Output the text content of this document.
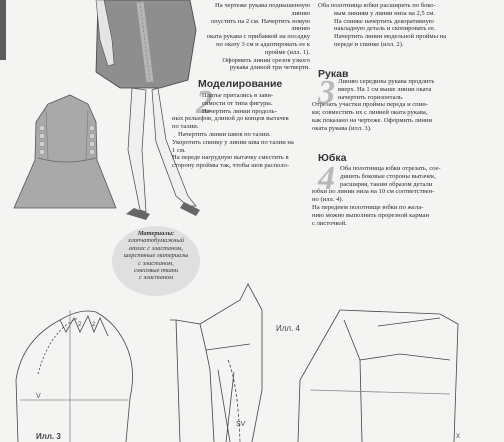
На чертеже рукава подиышенную линию
опустить на 2 см. Начертить новую линию
оката рукава с прибавкой на посадку
по окату 3 см и адаптировать ее к
пройме (илл. 1).
Оформить линии срезов узкого
рукава длиной три четверти.
Моделирование
2
Платье притались в зави-
симости от типа фигуры.
Начертить линии продоль-
ных рельефов, длиной до концов вытачек
по талии.
Начертить линии швов по талии.
Укоротить спинку у линии шва по талии на
1 см.
На переде нагрудную вытачку сместить в
сторону проймы так, чтобы шов располо-
Оба полотнища юбки расширить по боко-
вым линиям у линии низа на 2,5 см.
На спинке начертить декоративную
накладную деталь и скопировать ее.
Начертить линии модельной проймы на
переде и спинке (илл. 2).
Рукав
3 Линию середины рукава продлить
вверх. На 1 см выше линии оката
начертить горизонталь.
Отрезать участки проймы переда и спин-
ки; совместить их с линией оката рукава,
как показано на чертеже. Оформить линии
оката рукава (илл. 3).
Юбка
4 Оба полотнища юбки отрезать, сое-
динить боковые стороны вытачек,
расширяя, таким образом детали
юбки по линии низа на 10 см соответствен-
но (илл. 4).
На переднем полотнище юбки по жела-
нию можно выполнить прорезной карман
с листочкой.
Материалы:
хлопчатобумажный
атлас с эластаном,
шерстяные материалы
с эластаном,
смесовые ткани
с эластаном
V
2 2
SV
X
Илл. 4
Илл. 3
